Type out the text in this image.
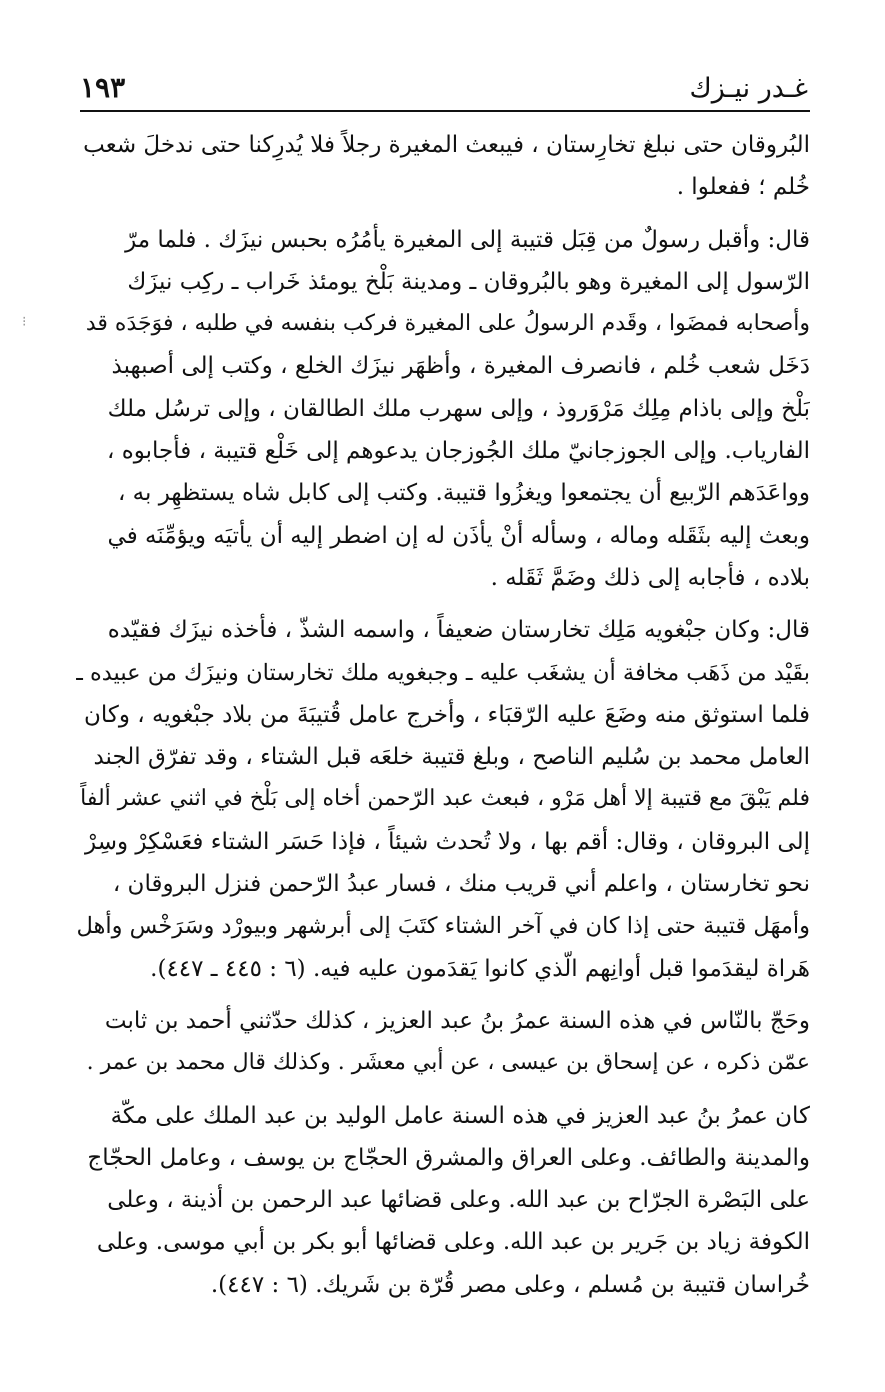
غـدر نيـزك
١٩٣
⁝
البُروقان حتى نبلغ تخارِستان ، فيبعث المغيرة رجلاً فلا يُدرِكنا حتى ندخلَ شعب
خُلم ؛ ففعلوا .
قال: وأقبل رسولٌ من قِبَل قتيبة إلى المغيرة يأمُرُه بحبس نيزَك . فلما مرّ
الرّسول إلى المغيرة وهو بالبُروقان ـ ومدينة بَلْخ يومئذ خَراب ـ ركِب نيزَك
وأصحابه فمضَوا ، وقَدم الرسولُ على المغيرة فركب بنفسه في طلبه ، فوَجَدَه قد
دَخَل شعب خُلم ، فانصرف المغيرة ، وأظهَر نيزَك الخلع ، وكتب إلى أصبهبذ
بَلْخ وإلى باذام مِلِك مَرْوَروذ ، وإلى سهرب ملك الطالقان ، وإلى ترسُل ملك
الفارياب. وإلى الجوزجانيّ ملك الجُوزجان يدعوهم إلى خَلْع قتيبة ، فأجابوه ،
وواعَدَهم الرّبيع أن يجتمعوا ويغزُوا قتيبة. وكتب إلى كابل شاه يستظهِر به ،
وبعث إليه بثَقَله وماله ، وسأله أنْ يأذَن له إن اضطر إليه أن يأتيَه ويؤمِّنَه في
بلاده ، فأجابه إلى ذلك وضَمَّ ثَقَله .
قال: وكان جبْغويه مَلِك تخارستان ضعيفاً ، واسمه الشذّ ، فأخذه نيزَك فقيّده
بقَيْد من ذَهَب مخافة أن يشغَب عليه ـ وجبغويه ملك تخارستان ونيزَك من عبيده ـ
فلما استوثق منه وضَعَ عليه الرّقبَاء ، وأخرج عامل قُتيبَةَ من بلاد جبْغويه ، وكان
العامل محمد بن سُليم الناصح ، وبلغ قتيبة خلعَه قبل الشتاء ، وقد تفرّق الجند
فلم يَبْقَ مع قتيبة إلا أهل مَرْو ، فبعث عبد الرّحمن أخاه إلى بَلْخ في اثني عشر ألفاً
إلى البروقان ، وقال: أقم بها ، ولا تُحدث شيئاً ، فإذا حَسَر الشتاء فعَسْكِرْ وسِرْ
نحو تخارستان ، واعلم أني قريب منك ، فسار عبدُ الرّحمن فنزل البروقان ،
وأمهَل قتيبة حتى إذا كان في آخر الشتاء كتَبَ إلى أبرشهر وبيورْد وسَرَخْس وأهل
هَراة ليقدَموا قبل أوانِهم الّذي كانوا يَقدَمون عليه فيه. (٦ : ٤٤٥ ـ ٤٤٧).
وحَجّ بالنّاس في هذه السنة عمرُ بنُ عبد العزيز ، كذلك حدّثني أحمد بن ثابت
عمّن ذكره ، عن إسحاق بن عيسى ، عن أبي معشَر . وكذلك قال محمد بن عمر .
كان عمرُ بنُ عبد العزيز في هذه السنة عامل الوليد بن عبد الملك على مكّة
والمدينة والطائف. وعلى العراق والمشرق الحجّاج بن يوسف ، وعامل الحجّاج
على البَصْرة الجرّاح بن عبد الله. وعلى قضائها عبد الرحمن بن أذينة ، وعلى
الكوفة زياد بن جَرير بن عبد الله. وعلى قضائها أبو بكر بن أبي موسى. وعلى
خُراسان قتيبة بن مُسلم ، وعلى مصر قُرّة بن شَريك. (٦ : ٤٤٧).
